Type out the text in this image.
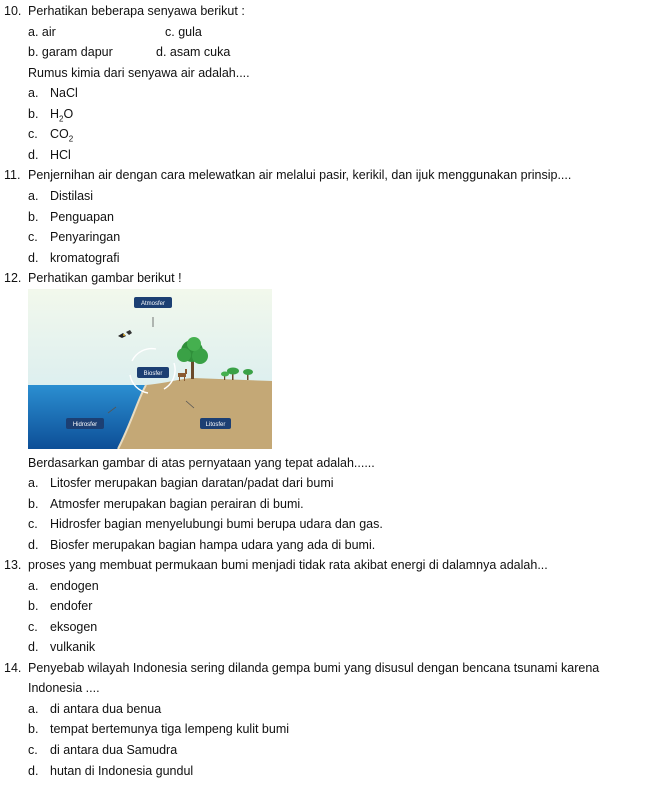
10. Perhatikan beberapa senyawa berikut :
a. air	c. gula
b. garam dapur	d. asam cuka
Rumus kimia dari senyawa air adalah....
a. NaCl
b. $H_2O$
c. $CO_2$
d. HCl
11. Penjernihan air dengan cara melewatkan air melalui pasir, kerikil, dan ijuk menggunakan prinsip....
a. Distilasi
b. Penguapan
c. Penyaringan
d. kromatografi
12. Perhatikan gambar berikut !
Atmosfer
Biosfer
Hidrosfer	Litosfer
Berdasarkan gambar di atas pernyataan yang tepat adalah......
a. Litosfer merupakan bagian daratan/padat dari bumi
b. Atmosfer merupakan bagian perairan di bumi.
c. Hidrosfer bagian menyelubungi bumi berupa udara dan gas.
d. Biosfer merupakan bagian hampa udara yang ada di bumi.
13. proses yang membuat permukaan bumi menjadi tidak rata akibat energi di dalamnya adalah...
a. endogen
b. endofer
c. eksogen
d. vulkanik
14. Penyebab wilayah Indonesia sering dilanda gempa bumi yang disusul dengan bencana tsunami karena
Indonesia ....
a. di antara dua benua
b. tempat bertemunya tiga lempeng kulit bumi
c. di antara dua Samudra
d. hutan di Indonesia gundul
